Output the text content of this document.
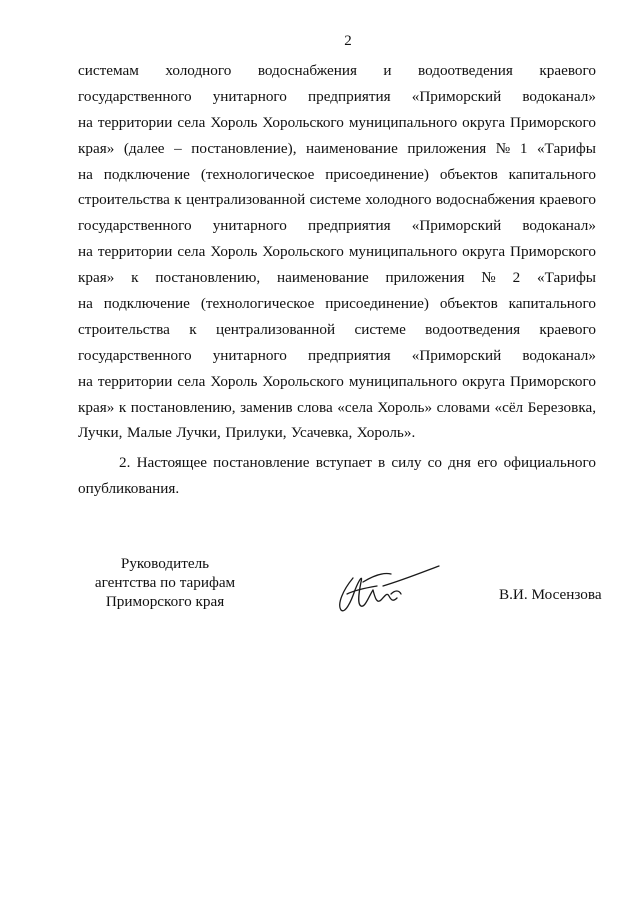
2
системам холодного водоснабжения и водоотведения краевого
государственного унитарного предприятия «Приморский водоканал»
на территории села Хороль Хорольского муниципального округа Приморского
края» (далее – постановление), наименование приложения № 1 «Тарифы
на подключение (технологическое присоединение) объектов капитального
строительства к централизованной системе холодного водоснабжения краевого
государственного унитарного предприятия «Приморский водоканал»
на территории села Хороль Хорольского муниципального округа Приморского
края» к постановлению, наименование приложения № 2 «Тарифы
на подключение (технологическое присоединение) объектов капитального
строительства к централизованной системе водоотведения краевого
государственного унитарного предприятия «Приморский водоканал»
на территории села Хороль Хорольского муниципального округа Приморского
края» к постановлению, заменив слова «села Хороль» словами «сёл Березовка,
Лучки, Малые Лучки, Прилуки, Усачевка, Хороль».
2. Настоящее постановление вступает в силу со дня его официального
опубликования.
Руководитель
агентства по тарифам
Приморского края	В.И. Мосензова
